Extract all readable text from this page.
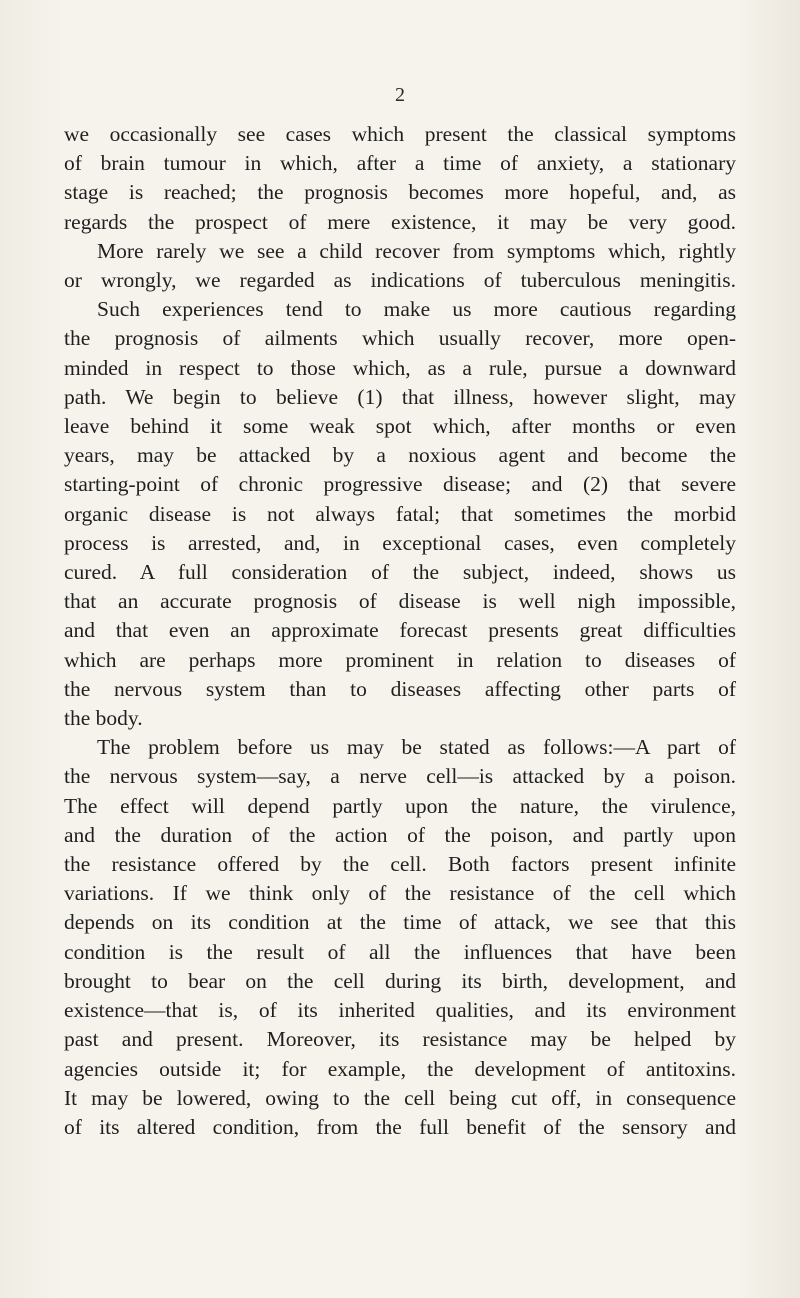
2
we occasionally see cases which present the classical symptoms
of brain tumour in which, after a time of anxiety, a stationary
stage is reached; the prognosis becomes more hopeful, and, as
regards the prospect of mere existence, it may be very good.
More rarely we see a child recover from symptoms which, rightly
or wrongly, we regarded as indications of tuberculous meningitis.
Such experiences tend to make us more cautious regarding
the prognosis of ailments which usually recover, more open-
minded in respect to those which, as a rule, pursue a downward
path. We begin to believe (1) that illness, however slight, may
leave behind it some weak spot which, after months or even
years, may be attacked by a noxious agent and become the
starting-point of chronic progressive disease; and (2) that severe
organic disease is not always fatal; that sometimes the morbid
process is arrested, and, in exceptional cases, even completely
cured. A full consideration of the subject, indeed, shows us
that an accurate prognosis of disease is well nigh impossible,
and that even an approximate forecast presents great difficulties
which are perhaps more prominent in relation to diseases of
the nervous system than to diseases affecting other parts of
the body.
The problem before us may be stated as follows:—A part of
the nervous system—say, a nerve cell—is attacked by a poison.
The effect will depend partly upon the nature, the virulence,
and the duration of the action of the poison, and partly upon
the resistance offered by the cell. Both factors present infinite
variations. If we think only of the resistance of the cell which
depends on its condition at the time of attack, we see that this
condition is the result of all the influences that have been
brought to bear on the cell during its birth, development, and
existence—that is, of its inherited qualities, and its environment
past and present. Moreover, its resistance may be helped by
agencies outside it; for example, the development of antitoxins.
It may be lowered, owing to the cell being cut off, in consequence
of its altered condition, from the full benefit of the sensory and
